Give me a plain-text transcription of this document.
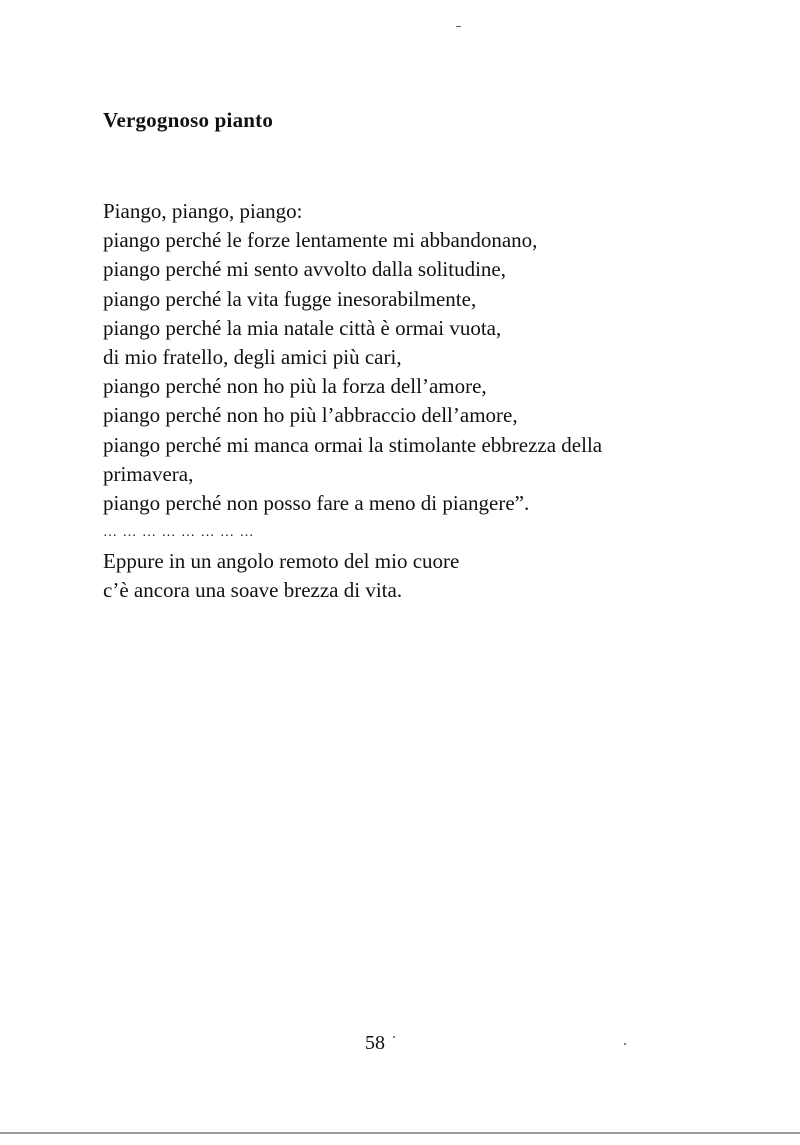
Vergognoso pianto
Piango, piango, piango:
piango perché le forze lentamente mi abbandonano,
piango perché mi sento avvolto dalla solitudine,
piango perché la vita fugge inesorabilmente,
piango perché la mia natale città è ormai vuota,
di mio fratello, degli amici più cari,
piango perché non ho più la forza dell’amore,
piango perché non ho più l’abbraccio dell’amore,
piango perché mi manca ormai la stimolante ebbrezza della
primavera,
piango perché non posso fare a meno di piangere”.
… … … … … … … …
Eppure in un angolo remoto del mio cuore
c’è ancora una soave brezza di vita.
58
